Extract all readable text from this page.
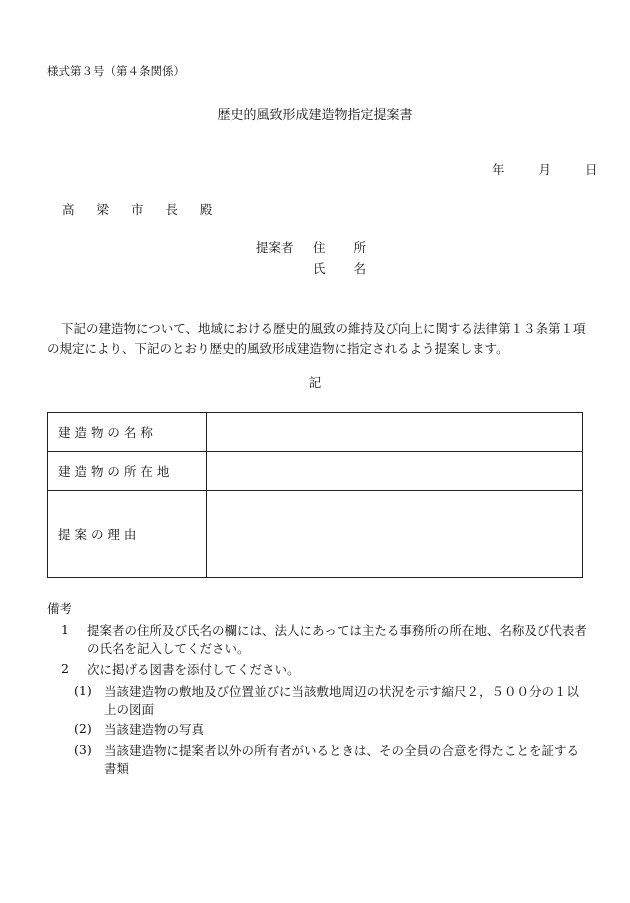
様式第３号（第４条関係）
歴史的風致形成建造物指定提案書
年	月	日
高 梁 市 長 殿
提案者 住 所
氏 名
下記の建造物について、地域における歴史的風致の維持及び向上に関する法律第１３条第１項の規定により、下記のとおり歴史的風致形成建造物に指定されるよう提案します。
記
建 造 物 の 名 称	
建 造 物 の 所 在 地	
提 案 の 理 由	
備考
1 提案者の住所及び氏名の欄には、法人にあっては主たる事務所の所在地、名称及び代表者の氏名を記入してください。
2 次に掲げる図書を添付してください。
(1) 当該建造物の敷地及び位置並びに当該敷地周辺の状況を示す縮尺２，５００分の１以上の図面
(2) 当該建造物の写真
(3) 当該建造物に提案者以外の所有者がいるときは、その全員の合意を得たことを証する書類
